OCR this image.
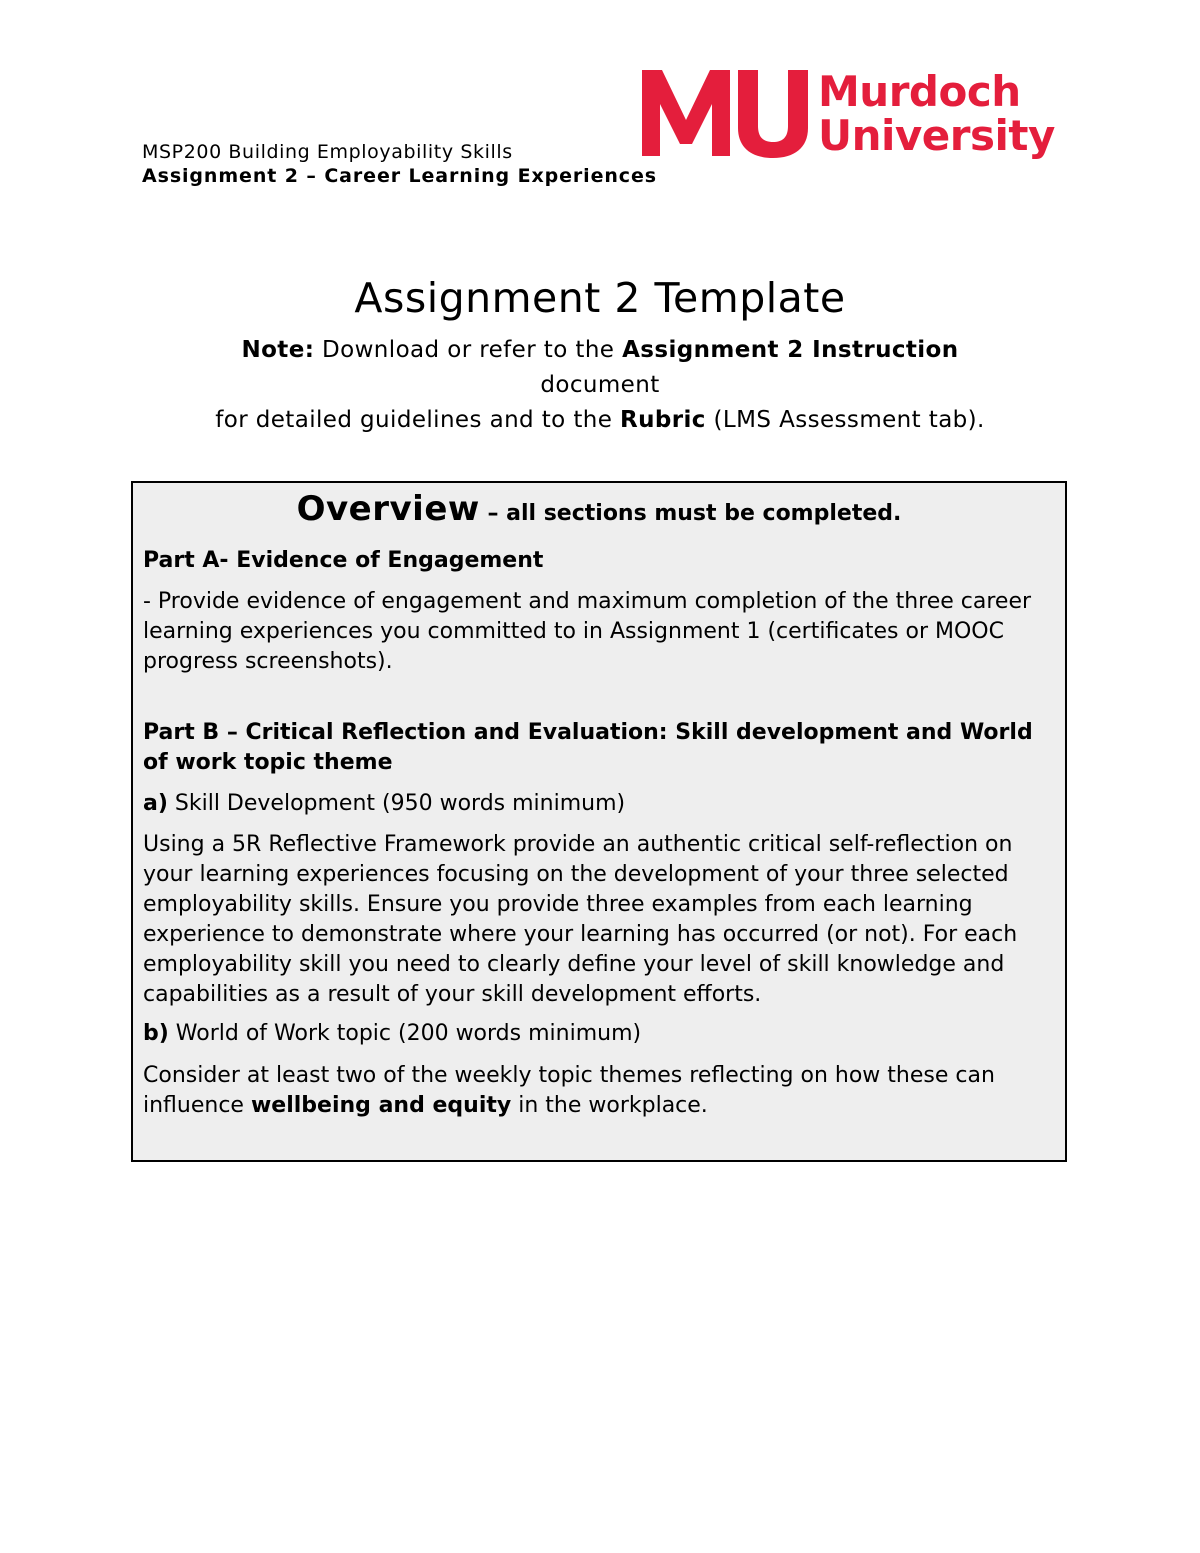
Murdoch
University
MSP200 Building Employability Skills
Assignment 2 – Career Learning Experiences
Assignment 2 Template
Note: Download or refer to the Assignment 2 Instruction
document
for detailed guidelines and to the Rubric (LMS Assessment tab).
Overview – all sections must be completed.
Part A- Evidence of Engagement
- Provide evidence of engagement and maximum completion of the three career learning experiences you committed to in Assignment 1 (certificates or MOOC progress screenshots).
Part B – Critical Reflection and Evaluation: Skill development and World of work topic theme
a) Skill Development (950 words minimum)
Using a 5R Reflective Framework provide an authentic critical self-reflection on your learning experiences focusing on the development of your three selected employability skills. Ensure you provide three examples from each learning experience to demonstrate where your learning has occurred (or not). For each employability skill you need to clearly define your level of skill knowledge and capabilities as a result of your skill development efforts.
b) World of Work topic (200 words minimum)
Consider at least two of the weekly topic themes reflecting on how these can influence wellbeing and equity in the workplace.
